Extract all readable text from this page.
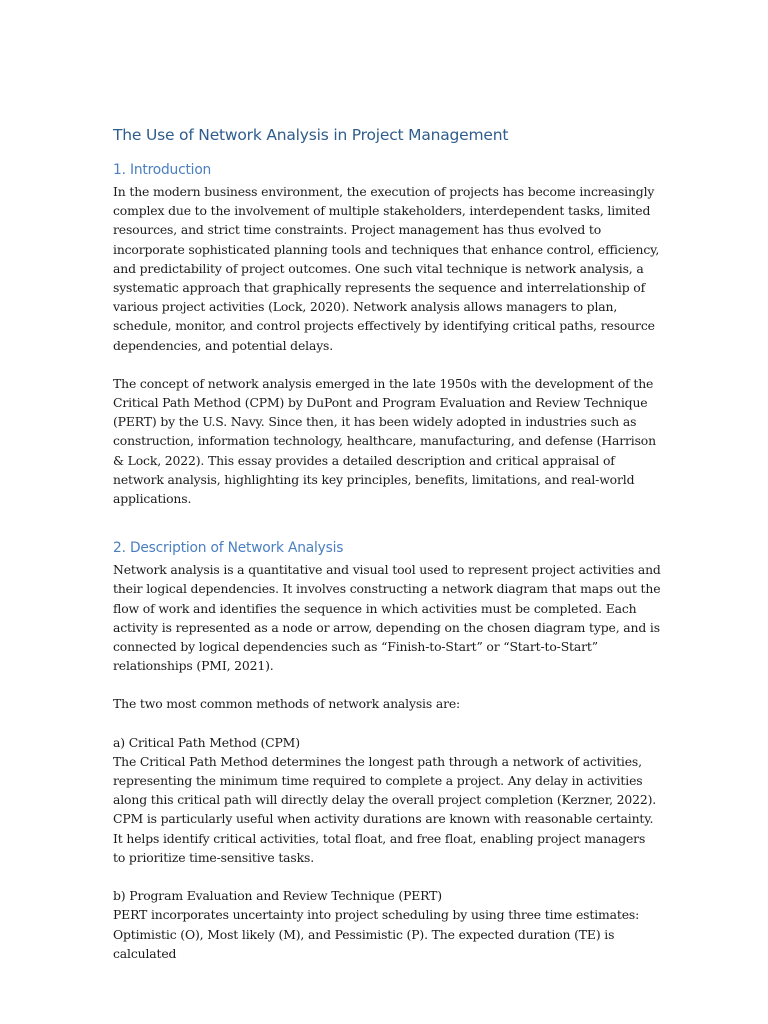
The Use of Network Analysis in Project Management
1. Introduction

In the modern business environment, the execution of projects has become increasingly complex due to the involvement of multiple stakeholders, interdependent tasks, limited resources, and strict time constraints. Project management has thus evolved to incorporate sophisticated planning tools and techniques that enhance control, efficiency, and predictability of project outcomes. One such vital technique is network analysis, a systematic approach that graphically represents the sequence and interrelationship of various project activities (Lock, 2020). Network analysis allows managers to plan, schedule, monitor, and control projects effectively by identifying critical paths, resource dependencies, and potential delays.

The concept of network analysis emerged in the late 1950s with the development of the Critical Path Method (CPM) by DuPont and Program Evaluation and Review Technique (PERT) by the U.S. Navy. Since then, it has been widely adopted in industries such as construction, information technology, healthcare, manufacturing, and defense (Harrison & Lock, 2022). This essay provides a detailed description and critical appraisal of network analysis, highlighting its key principles, benefits, limitations, and real-world applications.

2. Description of Network Analysis

Network analysis is a quantitative and visual tool used to represent project activities and their logical dependencies. It involves constructing a network diagram that maps out the flow of work and identifies the sequence in which activities must be completed. Each activity is represented as a node or arrow, depending on the chosen diagram type, and is connected by logical dependencies such as “Finish-to-Start” or “Start-to-Start” relationships (PMI, 2021).

The two most common methods of network analysis are:

a) Critical Path Method (CPM)

The Critical Path Method determines the longest path through a network of activities, representing the minimum time required to complete a project. Any delay in activities along this critical path will directly delay the overall project completion (Kerzner, 2022). CPM is particularly useful when activity durations are known with reasonable certainty. It helps identify critical activities, total float, and free float, enabling project managers to prioritize time-sensitive tasks.

b) Program Evaluation and Review Technique (PERT)

PERT incorporates uncertainty into project scheduling by using three time estimates: Optimistic (O), Most likely (M), and Pessimistic (P). The expected duration (TE) is calculated
